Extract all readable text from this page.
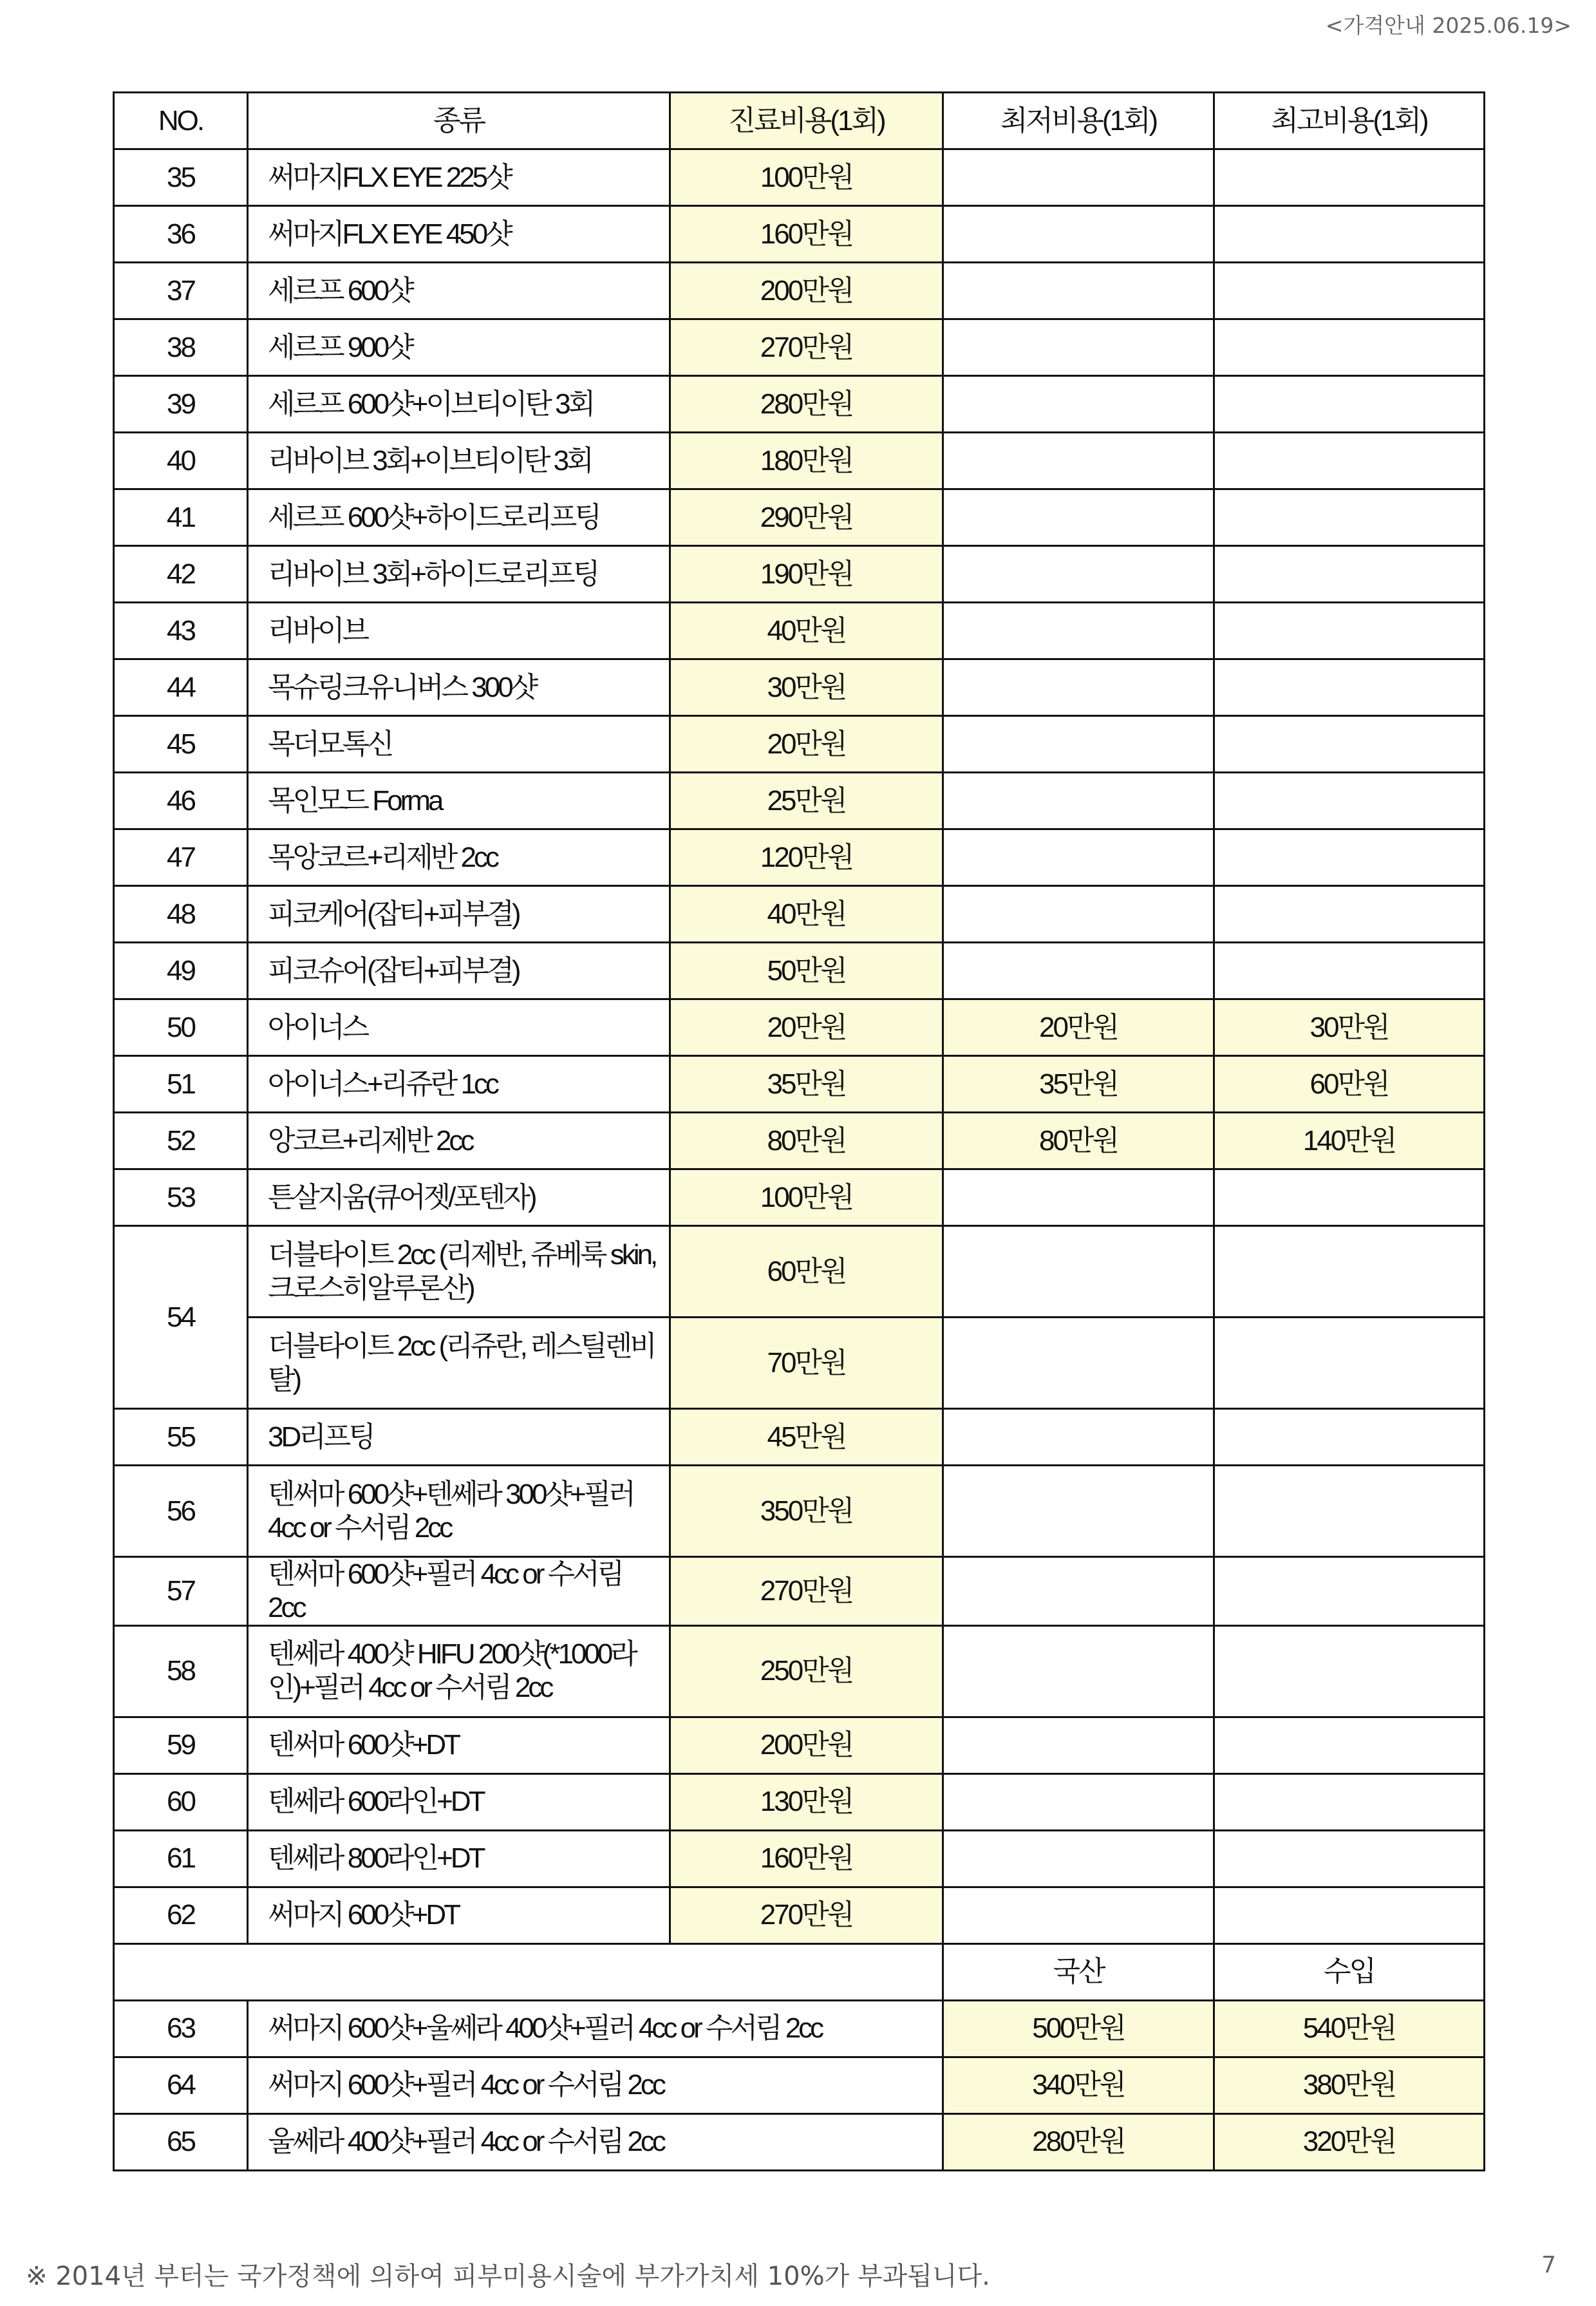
<가격안내 2025.06.19>
NO.	종류	진료비용(1회)	최저비용(1회)	최고비용(1회)
35	써마지FLX EYE 225샷	100만원		
36	써마지FLX EYE 450샷	160만원		
37	세르프 600샷	200만원		
38	세르프 900샷	270만원		
39	세르프 600샷+이브티이탄 3회	280만원		
40	리바이브 3회+이브티이탄 3회	180만원		
41	세르프 600샷+하이드로리프팅	290만원		
42	리바이브 3회+하이드로리프팅	190만원		
43	리바이브	40만원		
44	목슈링크유니버스 300샷	30만원		
45	목더모톡신	20만원		
46	목인모드 Forma	25만원		
47	목앙코르+리제반 2cc	120만원		
48	피코케어(잡티+피부결)	40만원		
49	피코슈어(잡티+피부결)	50만원		
50	아이너스	20만원	20만원	30만원
51	아이너스+리쥬란 1cc	35만원	35만원	60만원
52	앙코르+리제반 2cc	80만원	80만원	140만원
53	튼살지움(큐어젯/포텐자)	100만원		
54	더블타이트 2cc (리제반, 쥬베룩 skin, 크로스히알루론산)	60만원		
	더블타이트 2cc (리쥬란, 레스틸렌비탈)	70만원		
55	3D리프팅	45만원		
56	텐써마 600샷+텐쎄라 300샷+필러 4cc or 수서림 2cc	350만원		
57	텐써마 600샷+필러 4cc or 수서림 2cc	270만원		
58	텐쎄라 400샷 HIFU 200샷(*1000라인)+필러 4cc or 수서림 2cc	250만원		
59	텐써마 600샷+DT	200만원		
60	텐쎄라 600라인+DT	130만원		
61	텐쎄라 800라인+DT	160만원		
62	써마지 600샷+DT	270만원		
			국산	수입
63	써마지 600샷+울쎄라 400샷+필러 4cc or 수서림 2cc		500만원	540만원
64	써마지 600샷+필러 4cc or 수서림 2cc		340만원	380만원
65	울쎄라 400샷+필러 4cc or 수서림 2cc		280만원	320만원
※ 2014년 부터는 국가정책에 의하여 피부미용시술에 부가가치세 10%가 부과됩니다.	7
